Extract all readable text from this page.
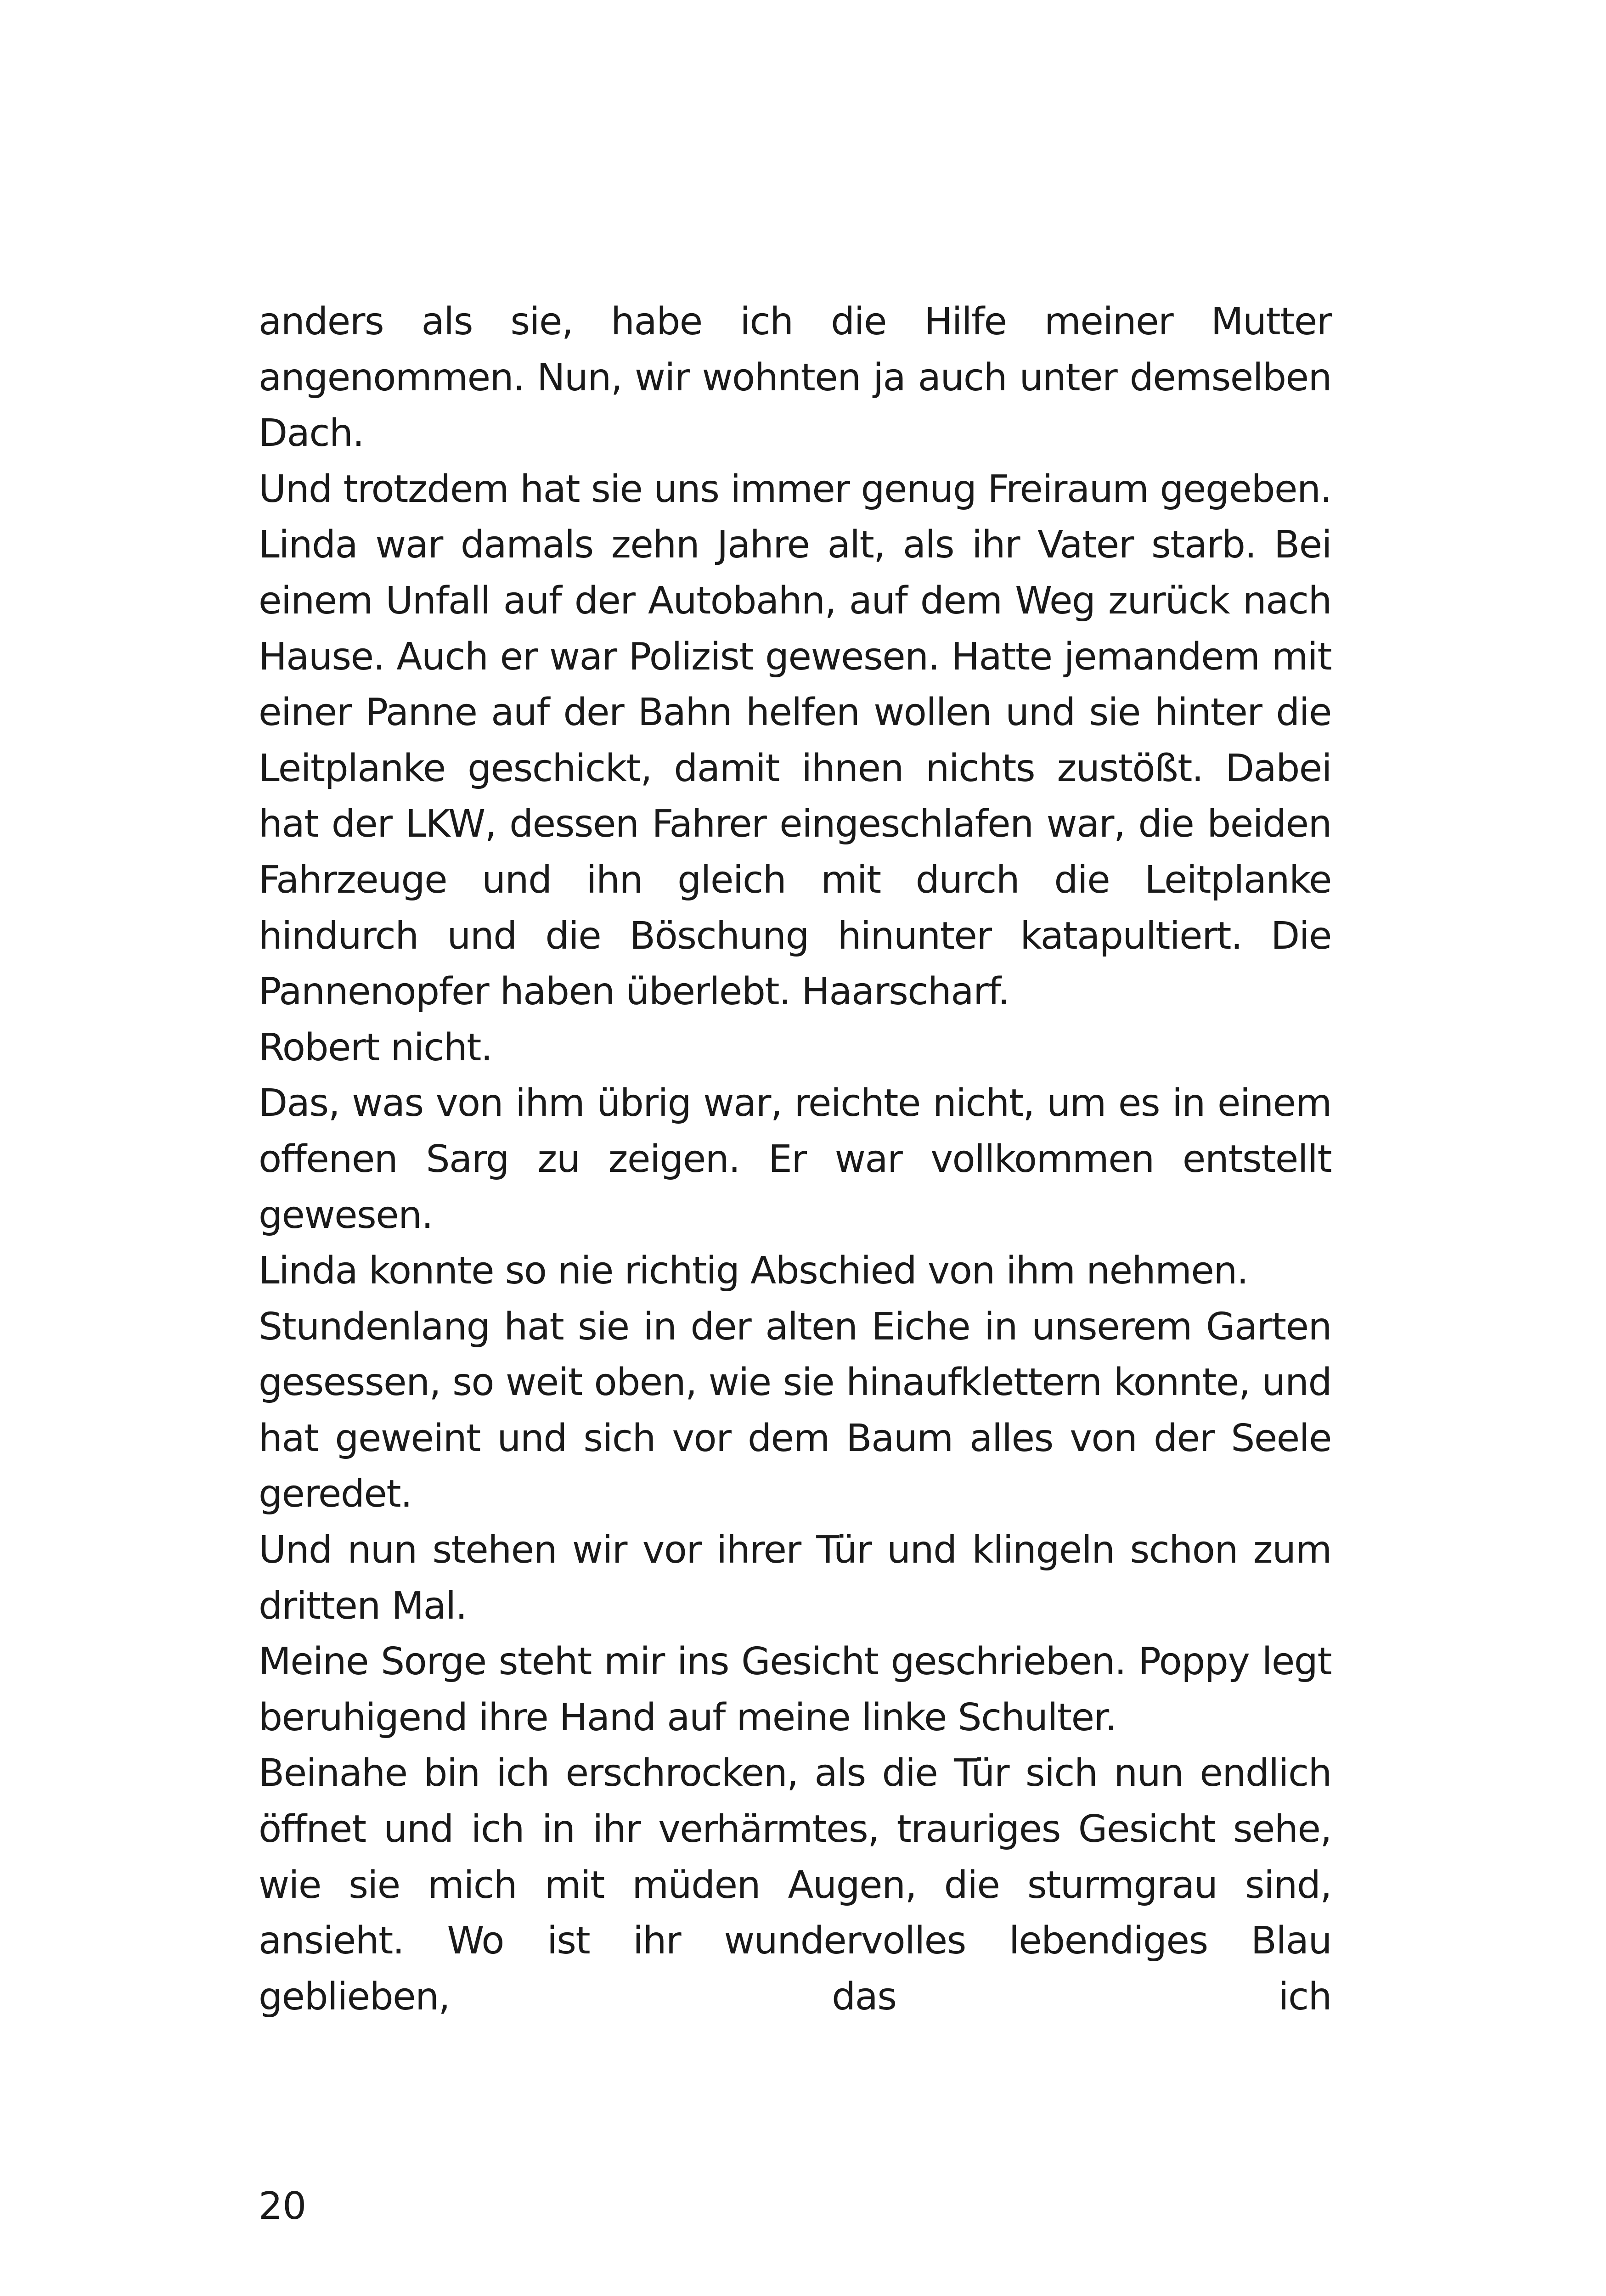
anders als sie, habe ich die Hilfe meiner Mutter angenommen. Nun, wir wohnten ja auch unter demselben Dach.

Und trotzdem hat sie uns immer genug Freiraum gegeben. Linda war damals zehn Jahre alt, als ihr Vater starb. Bei einem Unfall auf der Autobahn, auf dem Weg zurück nach Hause. Auch er war Polizist gewesen. Hatte jemandem mit einer Panne auf der Bahn helfen wollen und sie hinter die Leitplanke geschickt, damit ihnen nichts zustößt. Dabei hat der LKW, dessen Fahrer eingeschlafen war, die beiden Fahrzeuge und ihn gleich mit durch die Leitplanke hindurch und die Böschung hinunter katapultiert. Die Pannenopfer haben überlebt. Haarscharf.

Robert nicht.

Das, was von ihm übrig war, reichte nicht, um es in einem offenen Sarg zu zeigen. Er war vollkommen entstellt gewesen.

Linda konnte so nie richtig Abschied von ihm nehmen.

Stundenlang hat sie in der alten Eiche in unserem Garten gesessen, so weit oben, wie sie hinaufklettern konnte, und hat geweint und sich vor dem Baum alles von der Seele geredet.

Und nun stehen wir vor ihrer Tür und klingeln schon zum dritten Mal.

Meine Sorge steht mir ins Gesicht geschrieben. Poppy legt beruhigend ihre Hand auf meine linke Schulter.

Beinahe bin ich erschrocken, als die Tür sich nun endlich öffnet und ich in ihr verhärmtes, trauriges Gesicht sehe, wie sie mich mit müden Augen, die sturmgrau sind, ansieht. Wo ist ihr wundervolles lebendiges Blau geblieben, das ich

20
